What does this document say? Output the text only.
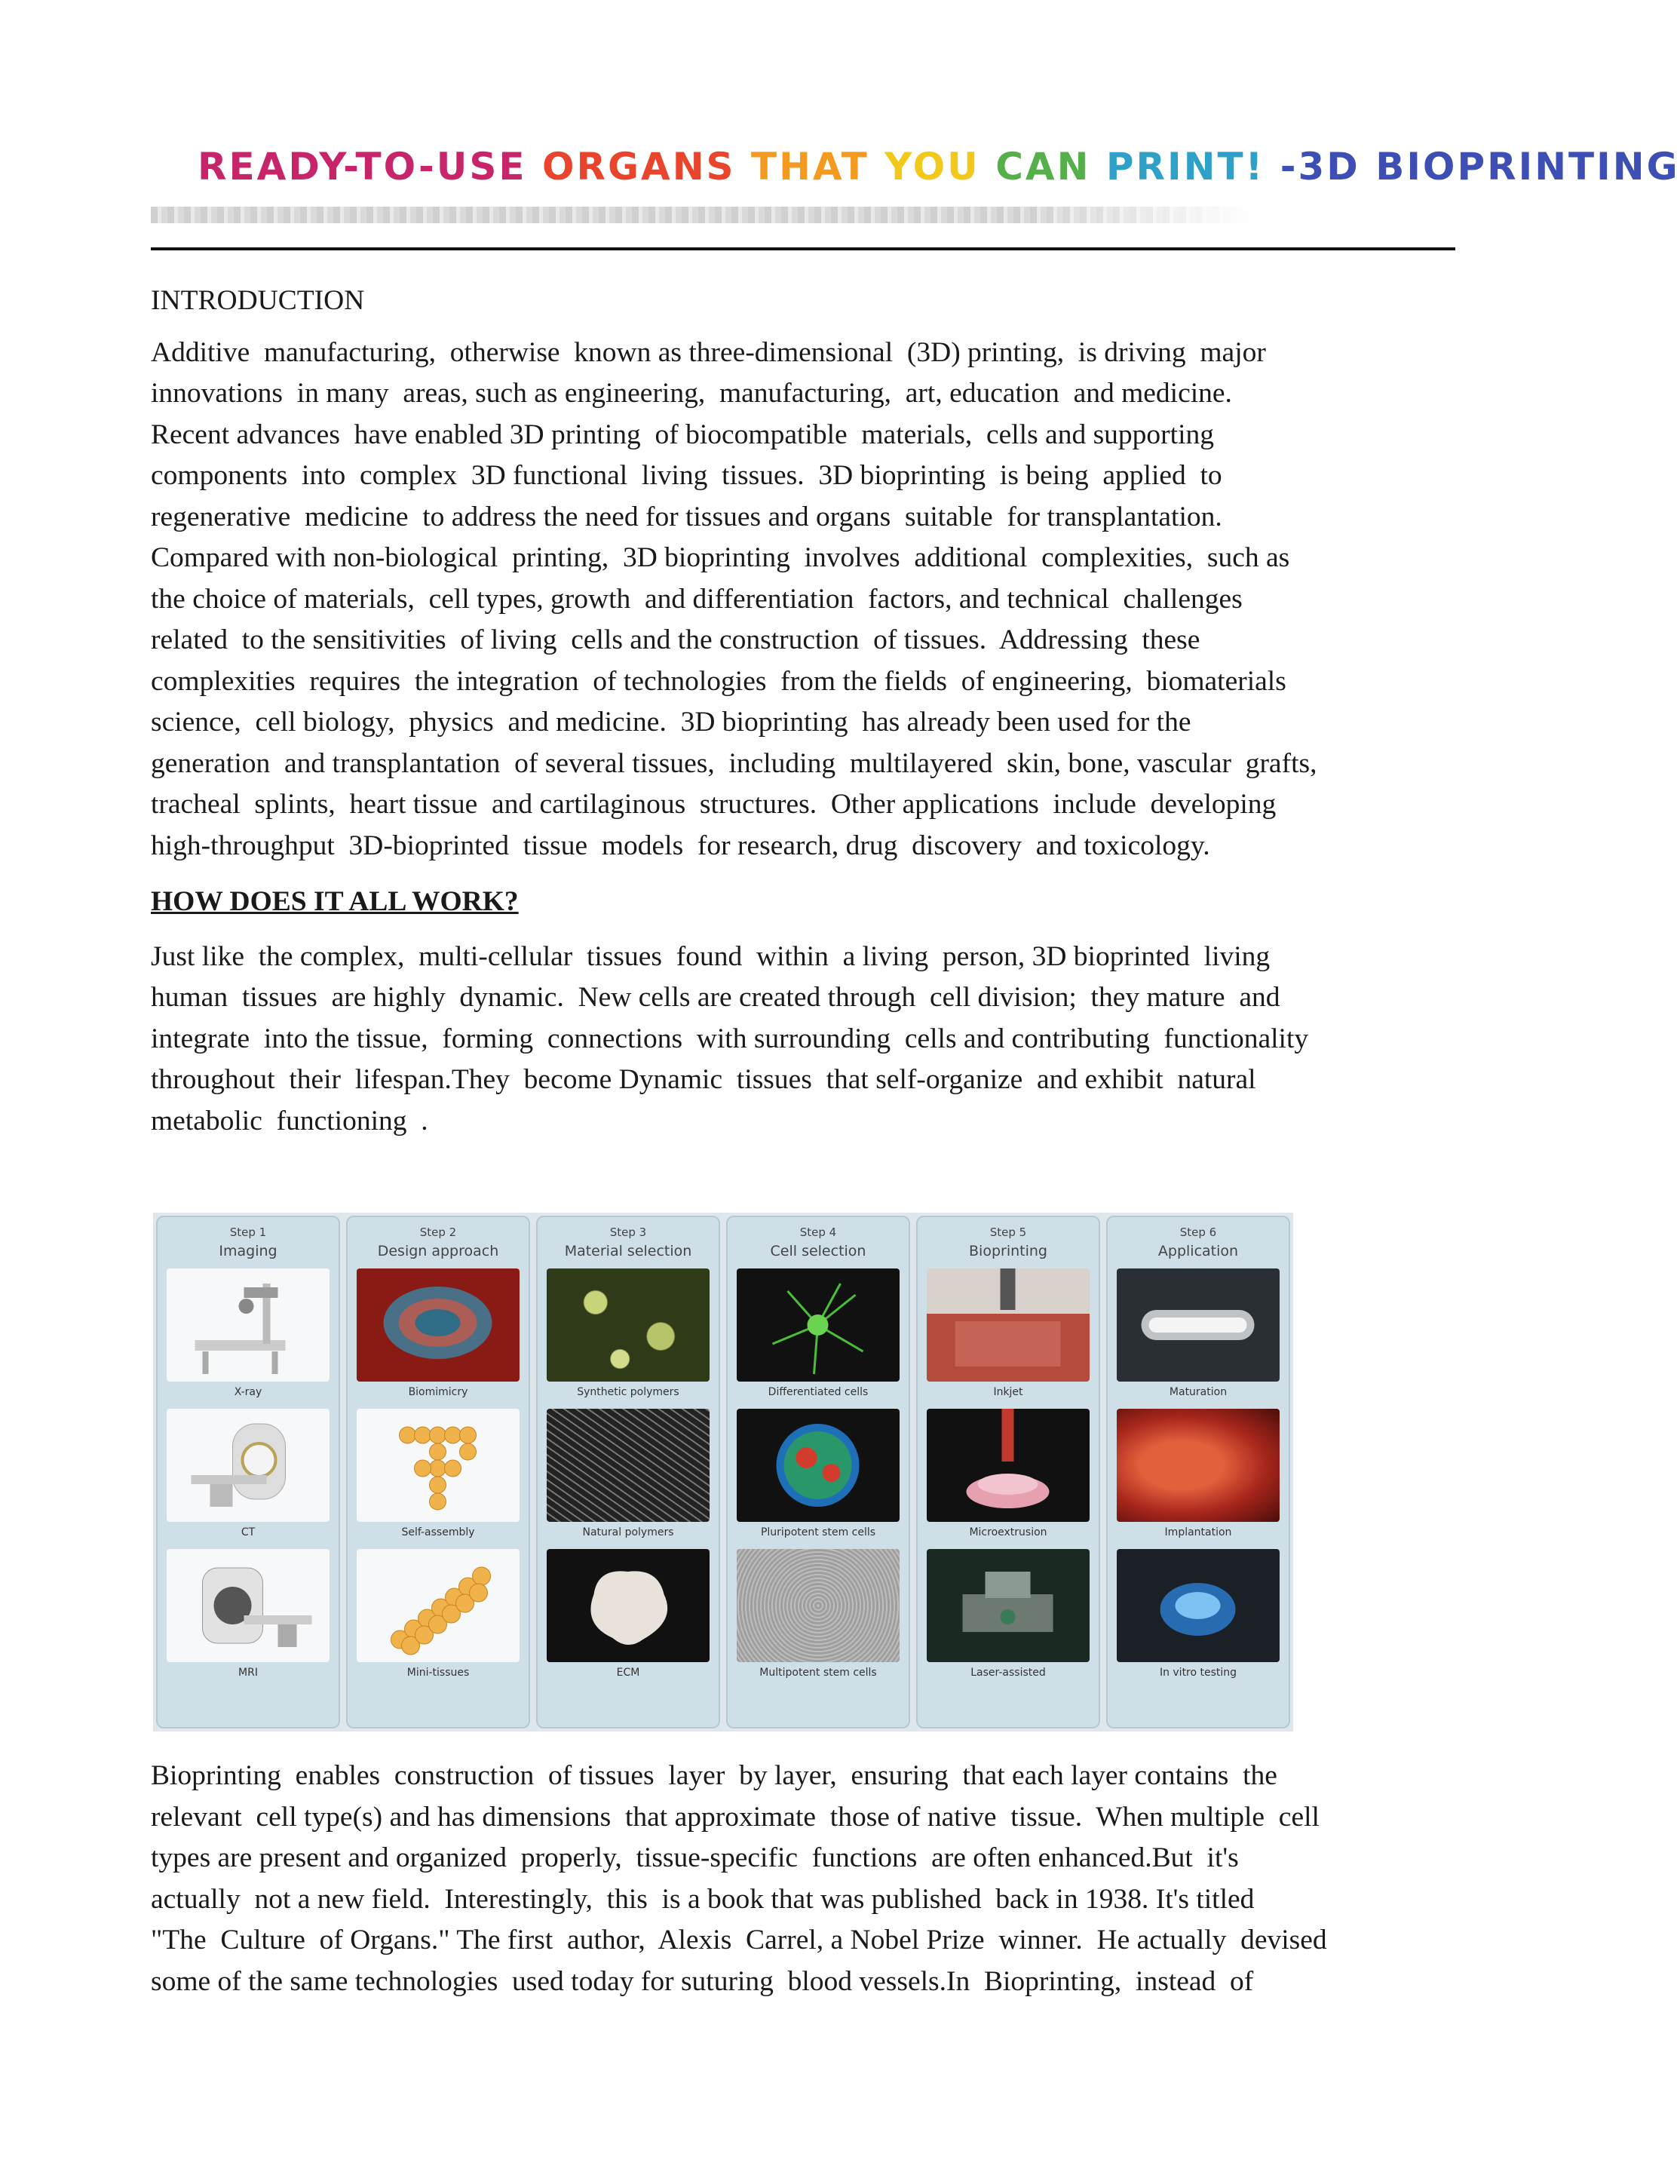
READY-TO-USE ORGANS THAT YOU CAN PRINT! -3D BIOPRINTING
INTRODUCTION

Additive  manufacturing,  otherwise  known as three-dimensional  (3D) printing,  is driving  major
innovations  in many  areas, such as engineering,  manufacturing,  art, education  and medicine.
Recent advances  have enabled 3D printing  of biocompatible  materials,  cells and supporting
components  into  complex  3D functional  living  tissues.  3D bioprinting  is being  applied  to
regenerative  medicine  to address the need for tissues and organs  suitable  for transplantation.
Compared with non-biological  printing,  3D bioprinting  involves  additional  complexities,  such as
the choice of materials,  cell types, growth  and differentiation  factors, and technical  challenges
related  to the sensitivities  of living  cells and the construction  of tissues.  Addressing  these
complexities  requires  the integration  of technologies  from the fields  of engineering,  biomaterials
science,  cell biology,  physics  and medicine.  3D bioprinting  has already been used for the
generation  and transplantation  of several tissues,  including  multilayered  skin, bone, vascular  grafts,
tracheal  splints,  heart tissue  and cartilaginous  structures.  Other applications  include  developing
high-throughput  3D-bioprinted  tissue  models  for research, drug  discovery  and toxicology.

HOW DOES IT ALL WORK?

Just like  the complex,  multi-cellular  tissues  found  within  a living  person, 3D bioprinted  living
human  tissues  are highly  dynamic.  New cells are created through  cell division;  they mature  and
integrate  into the tissue,  forming  connections  with surrounding  cells and contributing  functionality
throughout  their  lifespan.They  become Dynamic  tissues  that self-organize  and exhibit  natural
metabolic  functioning  .

Step 1
Imaging
X-ray
CT
MRI
Step 2
Design approach
Biomimicry
Self-assembly
Mini-tissues
Step 3
Material selection
Synthetic polymers
Natural polymers
ECM
Step 4
Cell selection
Differentiated cells
Pluripotent stem cells
Multipotent stem cells
Step 5
Bioprinting
Inkjet
Microextrusion
Laser-assisted
Step 6
Application
Maturation
Implantation
In vitro testing

Bioprinting  enables  construction  of tissues  layer  by layer,  ensuring  that each layer contains  the
relevant  cell type(s) and has dimensions  that approximate  those of native  tissue.  When multiple  cell
types are present and organized  properly,  tissue-specific  functions  are often enhanced.But  it's
actually  not a new field.  Interestingly,  this  is a book that was published  back in 1938. It's titled
"The  Culture  of Organs." The first  author,  Alexis  Carrel, a Nobel Prize  winner.  He actually  devised
some of the same technologies  used today for suturing  blood vessels.In  Bioprinting,  instead  of
